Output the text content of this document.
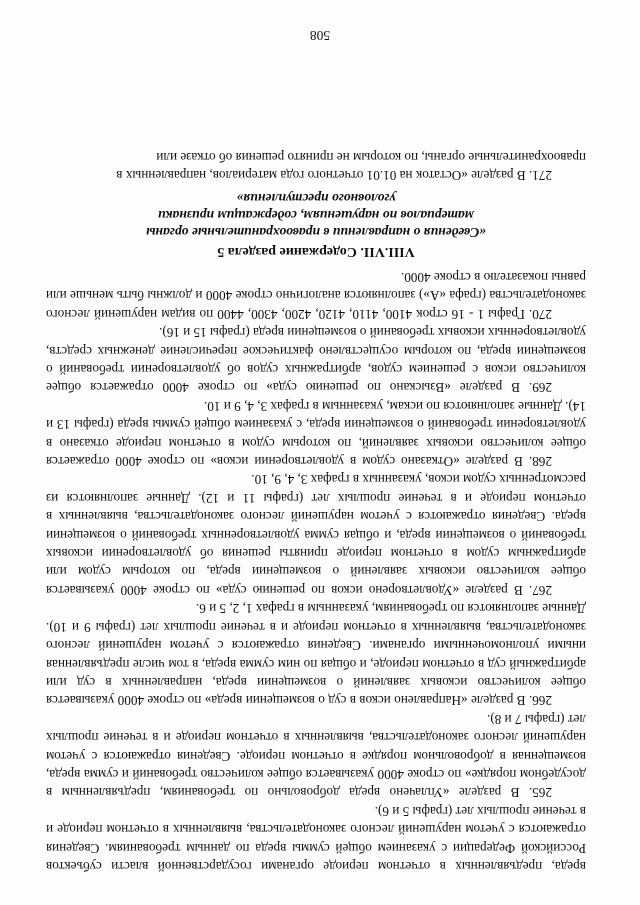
вреда, предъявленных в отчетном периоде органами государственной власти субъектов Российской Федерации с указанием общей суммы вреда по данным требованиям. Сведения отражаются с учетом нарушений лесного законодательства, выявленных в отчетном периоде и в течение прошлых лет (графы 5 и 6).

265. В разделе «Уплачено вреда добровольно по требованиям, предъявленным в досудебном порядке» по строке 4000 указывается общее количество требований и сумма вреда, возмещенная в добровольном порядке в отчетном периоде. Сведения отражаются с учетом нарушений лесного законодательства, выявленных в отчетном периоде и в течение прошлых лет (графы 7 и 8).

266. В разделе «Направлено исков в суд о возмещении вреда» по строке 4000 указывается общее количество исковых заявлений о возмещении вреда, направленных в суд или арбитражный суд в отчетном периоде, и общая по ним сумма вреда, в том числе предъявленная иными уполномоченными органами. Сведения отражаются с учетом нарушений лесного законодательства, выявленных в отчетном периоде и в течение прошлых лет (графы 9 и 10). Данные заполняются по требованиям, указанным в графах 1, 2, 5 и 6.

267. В разделе «Удовлетворено исков по решению суда» по строке 4000 указывается общее количество исковых заявлений о возмещении вреда, по которым судом или арбитражным судом в отчетном периоде приняты решения об удовлетворении исковых требований о возмещении вреда, и общая сумма удовлетворенных требований о возмещении вреда. Сведения отражаются с учетом нарушений лесного законодательства, выявленных в отчетном периоде и в течение прошлых лет (графы 11 и 12). Данные заполняются из рассмотренных судом исков, указанных в графах 3, 4, 9, 10.

268. В разделе «Отказано судом в удовлетворении исков» по строке 4000 отражается общее количество исковых заявлений, по которым судом в отчетном периоде отказано в удовлетворении требований о возмещении вреда, с указанием общей суммы вреда (графы 13 и 14). Данные заполняются по искам, указанным в графах 3, 4, 9 и 10.

269. В разделе «Взыскано по решению суда» по строке 4000 отражается общее количество исков с решением судов, арбитражных судов об удовлетворении требований о возмещении вреда, по которым осуществлено фактическое перечисление денежных средств, удовлетворенных исковых требований о возмещении вреда (графы 15 и 16).

270. Графы 1 - 16 строк 4100, 4110, 4120, 4200, 4300, 4400 по видам нарушений лесного законодательства (графа «А») заполняются аналогично строке 4000 и должны быть меньше или равны показателю в строке 4000.

VIII.VII. Содержание раздела 5
«Сведения о направлении в правоохранительные органы
материалов по нарушениям, содержащим признаки
уголовного преступления»

271. В разделе «Остаток на 01.01 отчетного года материалов, направленных в

правоохранительные органы, по которым не принято решения об отказе или

508
